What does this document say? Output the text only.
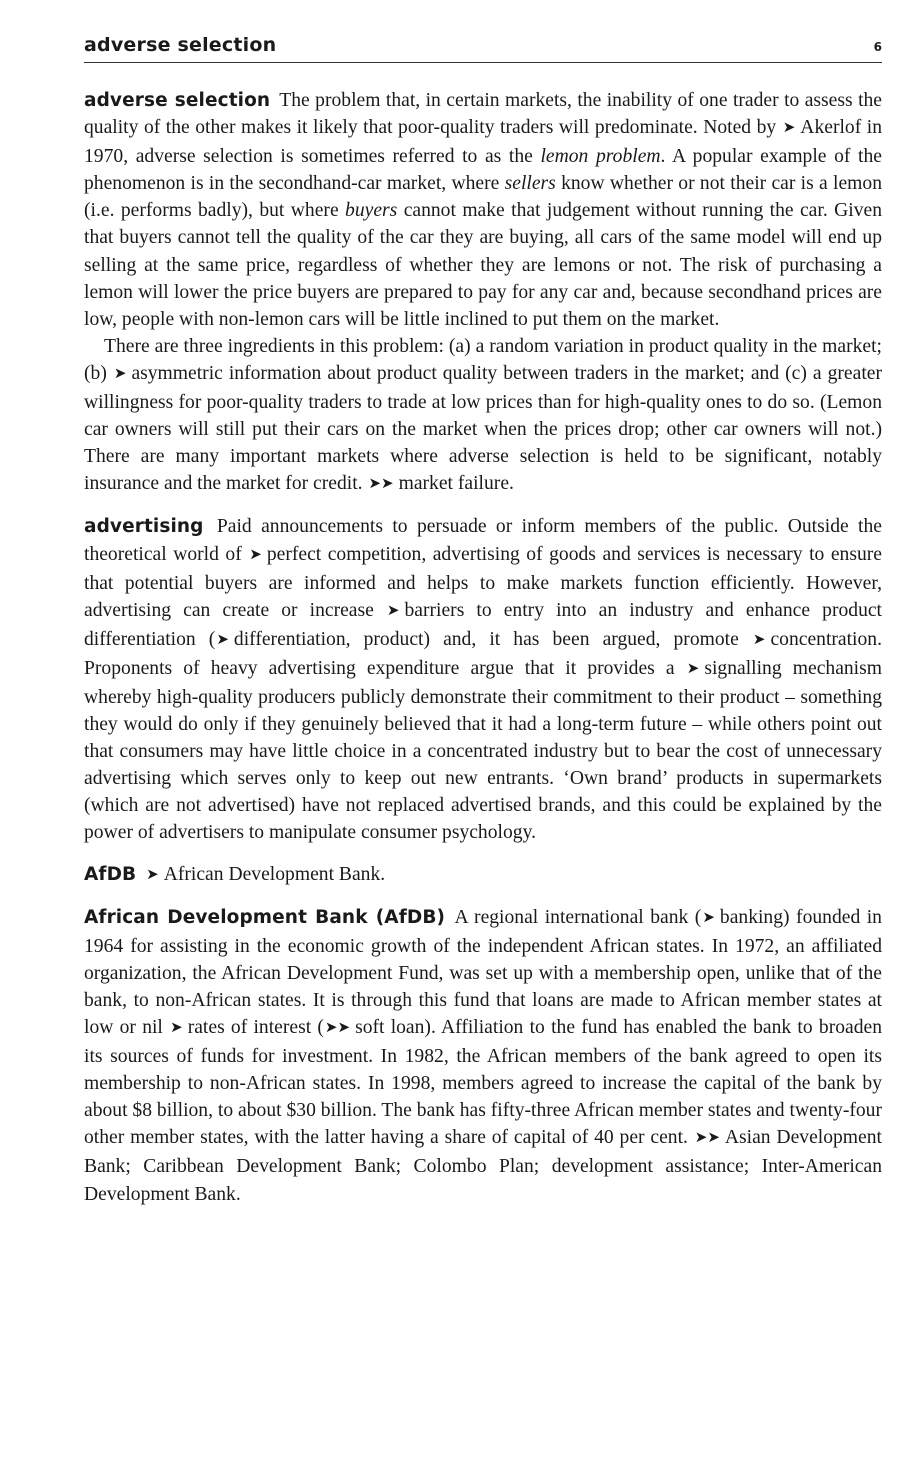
adverse selection	6

adverse selection The problem that, in certain markets, the inability of one trader to assess the quality of the other makes it likely that poor-quality traders will predominate. Noted by ➤ Akerlof in 1970, adverse selection is sometimes referred to as the lemon problem. A popular example of the phenomenon is in the secondhand-car market, where sellers know whether or not their car is a lemon (i.e. performs badly), but where buyers cannot make that judgement without running the car. Given that buyers cannot tell the quality of the car they are buying, all cars of the same model will end up selling at the same price, regardless of whether they are lemons or not. The risk of purchasing a lemon will lower the price buyers are prepared to pay for any car and, because secondhand prices are low, people with non-lemon cars will be little inclined to put them on the market.

There are three ingredients in this problem: (a) a random variation in product quality in the market; (b) ➤ asymmetric information about product quality between traders in the market; and (c) a greater willingness for poor-quality traders to trade at low prices than for high-quality ones to do so. (Lemon car owners will still put their cars on the market when the prices drop; other car owners will not.) There are many important markets where adverse selection is held to be significant, notably insurance and the market for credit. ➤➤ market failure.

advertising Paid announcements to persuade or inform members of the public. Outside the theoretical world of ➤ perfect competition, advertising of goods and services is necessary to ensure that potential buyers are informed and helps to make markets function efficiently. However, advertising can create or increase ➤ barriers to entry into an industry and enhance product differentiation (➤ differentiation, product) and, it has been argued, promote ➤ concentration. Proponents of heavy advertising expenditure argue that it provides a ➤ signalling mechanism whereby high-quality producers publicly demonstrate their commitment to their product – something they would do only if they genuinely believed that it had a long-term future – while others point out that consumers may have little choice in a concentrated industry but to bear the cost of unnecessary advertising which serves only to keep out new entrants. ‘Own brand’ products in supermarkets (which are not advertised) have not replaced advertised brands, and this could be explained by the power of advertisers to manipulate consumer psychology.

AfDB ➤ African Development Bank.

African Development Bank (AfDB) A regional international bank (➤ banking) founded in 1964 for assisting in the economic growth of the independent African states. In 1972, an affiliated organization, the African Development Fund, was set up with a membership open, unlike that of the bank, to non-African states. It is through this fund that loans are made to African member states at low or nil ➤ rates of interest (➤➤ soft loan). Affiliation to the fund has enabled the bank to broaden its sources of funds for investment. In 1982, the African members of the bank agreed to open its membership to non-African states. In 1998, members agreed to increase the capital of the bank by about $8 billion, to about $30 billion. The bank has fifty-three African member states and twenty-four other member states, with the latter having a share of capital of 40 per cent. ➤➤ Asian Development Bank; Caribbean Development Bank; Colombo Plan; development assistance; Inter-American Development Bank.
